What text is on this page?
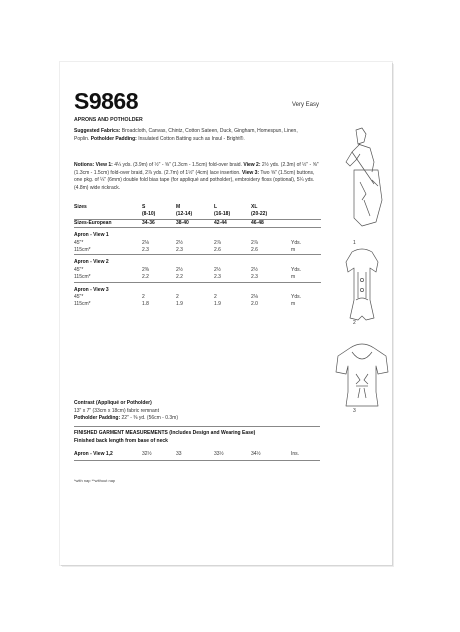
S9868	Very Easy
APRONS AND POTHOLDER
Suggested Fabrics: Broadcloth, Canvas, Chintz, Cotton Sateen, Duck, Gingham, Homespun, Linen, Poplin. Potholder Padding: Insulated Cotton Batting such as Insul - Bright®.
Notions: View 1: 4¼ yds. (3.9m) of ½" - ⅝" (1.3cm - 1.5cm) fold-over braid. View 2: 2½ yds. (2.3m) of ½" - ⅝" (1.3cm - 1.5cm) fold-over braid, 2⅞ yds. (2.7m) of 1½" (4cm) lace insertion. View 3: Two ⅝" (1.5cm) buttons, one pkg. of ¼" (6mm) double fold bias tape (for appliqué and potholder), embroidery floss (optional), 5¼ yds. (4.8m) wide rickrack.
Sizes	S	M	L	XL	
	(8-10)	(12-14)	(16-18)	(20-22)	
Sizes-European	34-36	38-40	42-44	46-48	

Apron - View 1					
45"*	2⅛	2½	2⅞	2⅞	Yds.
115cm*	2.3	2.3	2.6	2.6	m

Apron - View 2					
45"*	2⅜	2½	2½	2½	Yds.
115cm*	2.2	2.2	2.3	2.3	m

Apron - View 3					
45"*	2	2	2	2⅛	Yds.
115cm*	1.8	1.9	1.9	2.0	m
Contrast (Appliqué or Potholder)
13" x 7" (33cm x 18cm) fabric remnant
Potholder Padding: 22" - ⅜ yd. (56cm - 0.3m)
FINISHED GARMENT MEASUREMENTS (Includes Design and Wearing Ease)
Finished back length from base of neck
Apron - View 1,2	32½	33	33½	34½	Ins.
*with nap **without nap
1
2
3
